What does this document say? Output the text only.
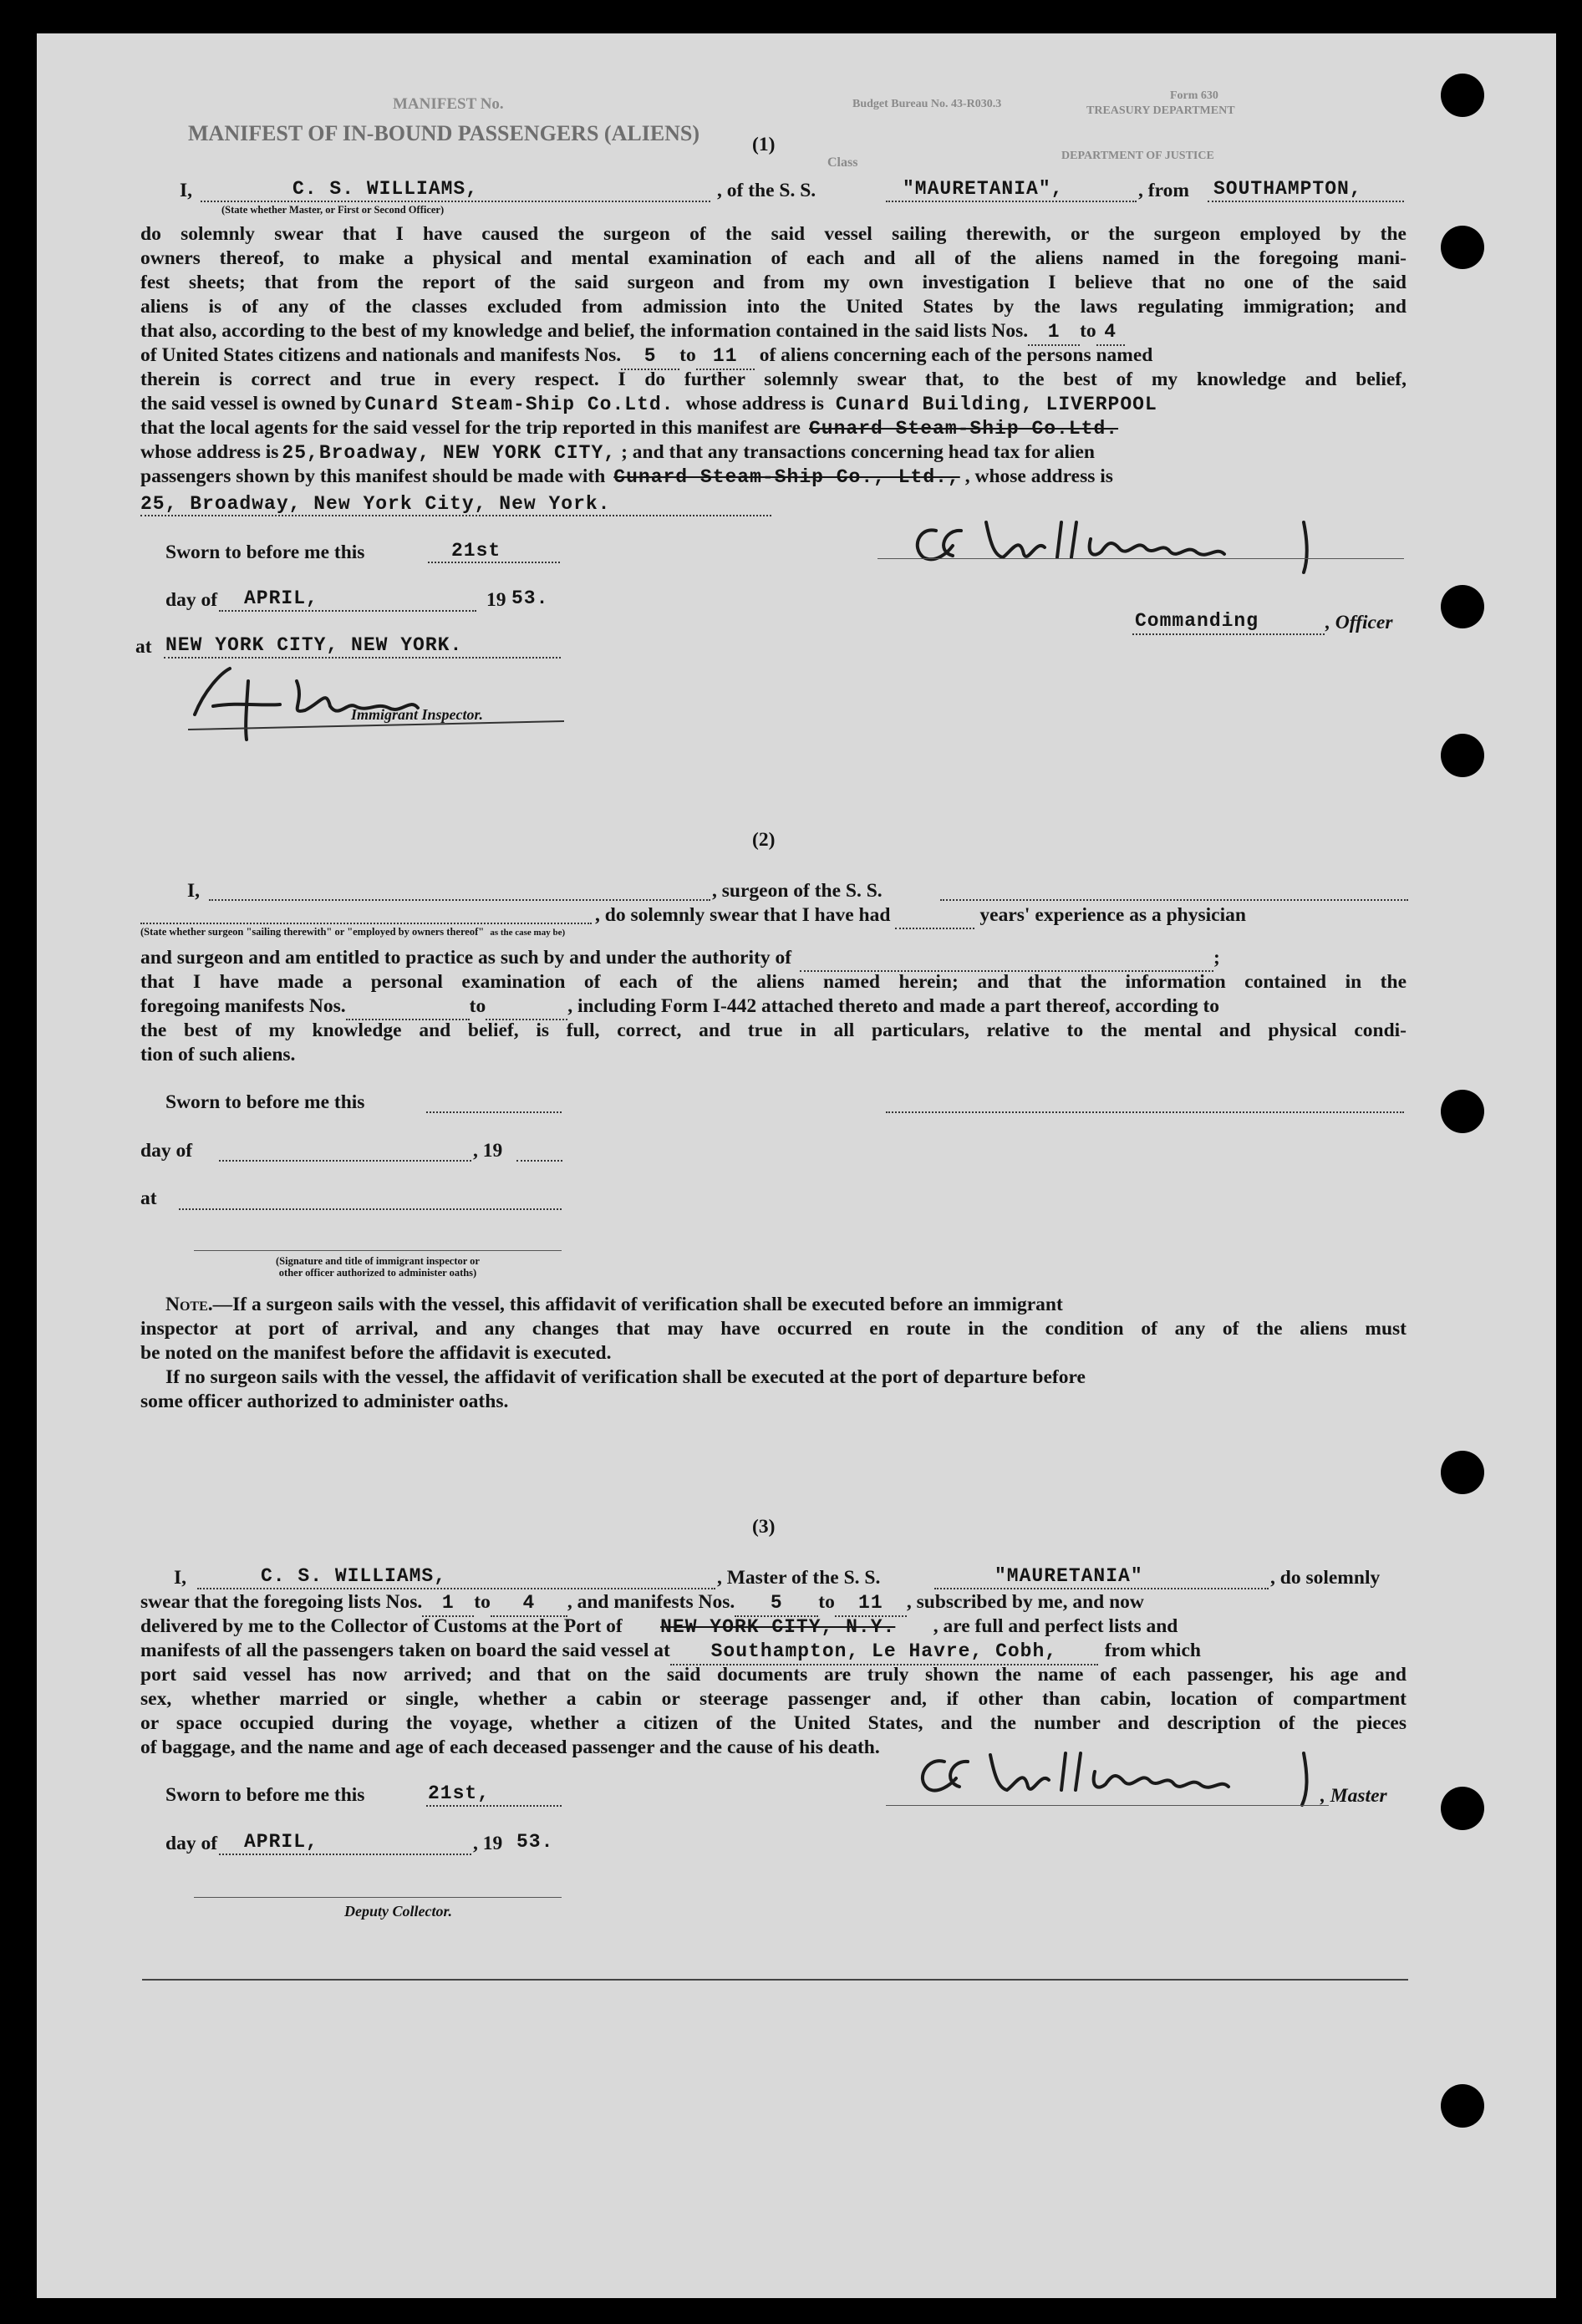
MANIFEST No.
MANIFEST OF IN-BOUND PASSENGERS (ALIENS)
Budget Bureau No. 43-R030.3
Form 630
TREASURY DEPARTMENT
DEPARTMENT OF JUSTICE
Class
(1)
I,	C. S. WILLIAMS,	, of the S. S.	"MAURETANIA",	, from SOUTHAMPTON,
(State whether Master, or First or Second Officer)
do solemnly swear that I have caused the surgeon of the said vessel sailing therewith, or the surgeon employed by the
owners thereof, to make a physical and mental examination of each and all of the aliens named in the foregoing mani-
fest sheets; that from the report of the said surgeon and from my own investigation I believe that no one of the said
aliens is of any of the classes excluded from admission into the United States by the laws regulating immigration; and
that also, according to the best of my knowledge and belief, the information contained in the said lists Nos. 1 to 4
of United States citizens and nationals and manifests Nos. 5 to 11 of aliens concerning each of the persons named
therein is correct and true in every respect. I do further solemnly swear that, to the best of my knowledge and belief,
the said vessel is owned by Cunard Steam-Ship Co.Ltd. whose address is Cunard Building, LIVERPOOL
that the local agents for the said vessel for the trip reported in this manifest are Cunard Steam-Ship Co.Ltd.
whose address is 25,Broadway, NEW YORK CITY, ; and that any transactions concerning head tax for alien
passengers shown by this manifest should be made with Cunard Steam-Ship Co., Ltd., , whose address is
25, Broadway, New York City, New York.
Sworn to before me this	21st
day of APRIL,	19 53.
at NEW YORK CITY, NEW YORK.
Immigrant Inspector.
Commanding	, Officer
(2)
I,	, surgeon of the S. S.
, do solemnly swear that I have had	years' experience as a physician
(State whether surgeon "sailing therewith" or "employed by owners thereof" as the case may be)
and surgeon and am entitled to practice as such by and under the authority of	;
that I have made a personal examination of each of the aliens named herein; and that the information contained in the
foregoing manifests Nos.	to	, including Form I-442 attached thereto and made a part thereof, according to
the best of my knowledge and belief, is full, correct, and true in all particulars, relative to the mental and physical condi-
tion of such aliens.
Sworn to before me this
day of	, 19
at
(Signature and title of immigrant inspector or
other officer authorized to administer oaths)
Note.—If a surgeon sails with the vessel, this affidavit of verification shall be executed before an immigrant
inspector at port of arrival, and any changes that may have occurred en route in the condition of any of the aliens must
be noted on the manifest before the affidavit is executed.
If no surgeon sails with the vessel, the affidavit of verification shall be executed at the port of departure before
some officer authorized to administer oaths.
(3)
I,	C. S. WILLIAMS,	, Master of the S. S.	"MAURETANIA"	, do solemnly
swear that the foregoing lists Nos. 1 to 4 , and manifests Nos. 5 to 11 , subscribed by me, and now
delivered by me to the Collector of Customs at the Port of NEW YORK CITY, N.Y. , are full and perfect lists and
manifests of all the passengers taken on board the said vessel at Southampton, Le Havre, Cobh, from which
port said vessel has now arrived; and that on the said documents are truly shown the name of each passenger, his age and
sex, whether married or single, whether a cabin or steerage passenger and, if other than cabin, location of compartment
or space occupied during the voyage, whether a citizen of the United States, and the number and description of the pieces
of baggage, and the name and age of each deceased passenger and the cause of his death.
Sworn to before me this	21st,	, Master
day of APRIL,	, 19 53.
Deputy Collector.
